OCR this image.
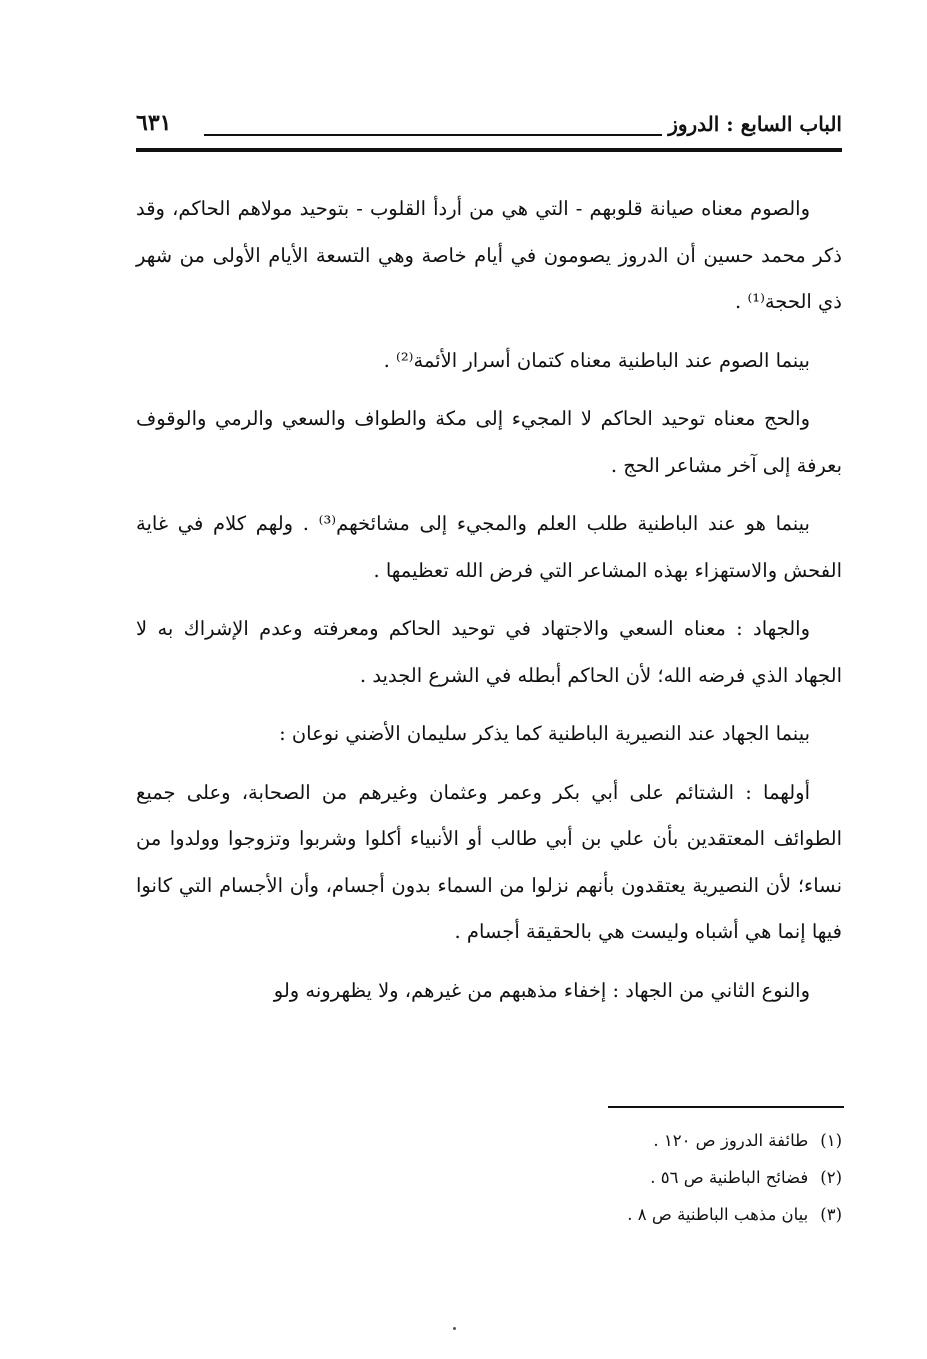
الباب السابع : الدروز
٦٣١

والصوم معناه صيانة قلوبهم - التي هي من أردأ القلوب - بتوحيد مولاهم الحاكم، وقد ذكر محمد حسين أن الدروز يصومون في أيام خاصة وهي التسعة الأيام الأولى من شهر ذي الحجة⁽¹⁾ .

بينما الصوم عند الباطنية معناه كتمان أسرار الأئمة⁽²⁾ .

والحج معناه توحيد الحاكم لا المجيء إلى مكة والطواف والسعي والرمي والوقوف بعرفة إلى آخر مشاعر الحج .

بينما هو عند الباطنية طلب العلم والمجيء إلى مشائخهم⁽³⁾ . ولهم كلام في غاية الفحش والاستهزاء بهذه المشاعر التي فرض الله تعظيمها .

والجهاد : معناه السعي والاجتهاد في توحيد الحاكم ومعرفته وعدم الإشراك به لا الجهاد الذي فرضه الله؛ لأن الحاكم أبطله في الشرع الجديد .

بينما الجهاد عند النصيرية الباطنية كما يذكر سليمان الأضني نوعان :

أولهما : الشتائم على أبي بكر وعمر وعثمان وغيرهم من الصحابة، وعلى جميع الطوائف المعتقدين بأن علي بن أبي طالب أو الأنبياء أكلوا وشربوا وتزوجوا وولدوا من نساء؛ لأن النصيرية يعتقدون بأنهم نزلوا من السماء بدون أجسام، وأن الأجسام التي كانوا فيها إنما هي أشباه وليست هي بالحقيقة أجسام .

والنوع الثاني من الجهاد : إخفاء مذهبهم من غيرهم، ولا يظهرونه ولو

(١)طائفة الدروز ص ١٢٠ .
(٢)فضائح الباطنية ص ٥٦ .
(٣)بيان مذهب الباطنية ص ٨ .
